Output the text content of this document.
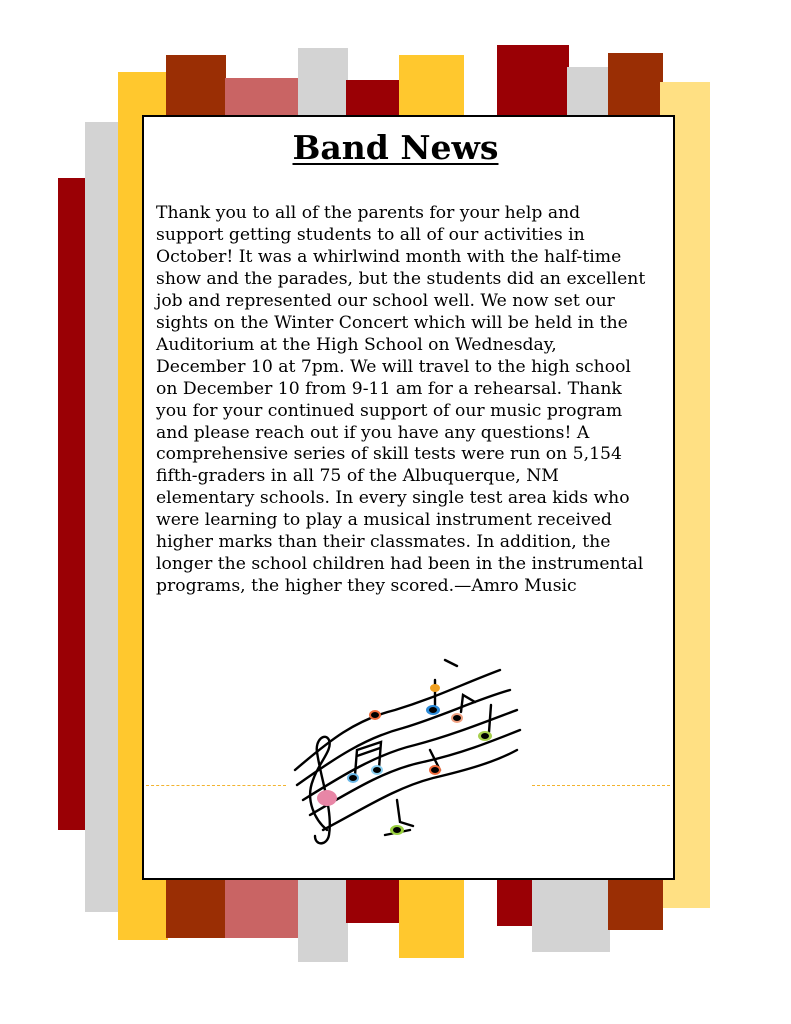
Band News

Thank you to all of the parents for your help and
support getting students to all of our activities in
October! It was a whirlwind month with the half-time
show and the parades, but the students did an excellent
job and represented our school well. We now set our
sights on the Winter Concert which will be held in the
Auditorium at the High School on Wednesday,
December 10 at 7pm. We will travel to the high school
on December 10 from 9-11 am for a rehearsal. Thank
you for your continued support of our music program
and please reach out if you have any questions! A
comprehensive series of skill tests were run on 5,154
fifth-graders in all 75 of the Albuquerque, NM
elementary schools. In every single test area kids who
were learning to play a musical instrument received
higher marks than their classmates. In addition, the
longer the school children had been in the instrumental
programs, the higher they scored.—Amro Music
